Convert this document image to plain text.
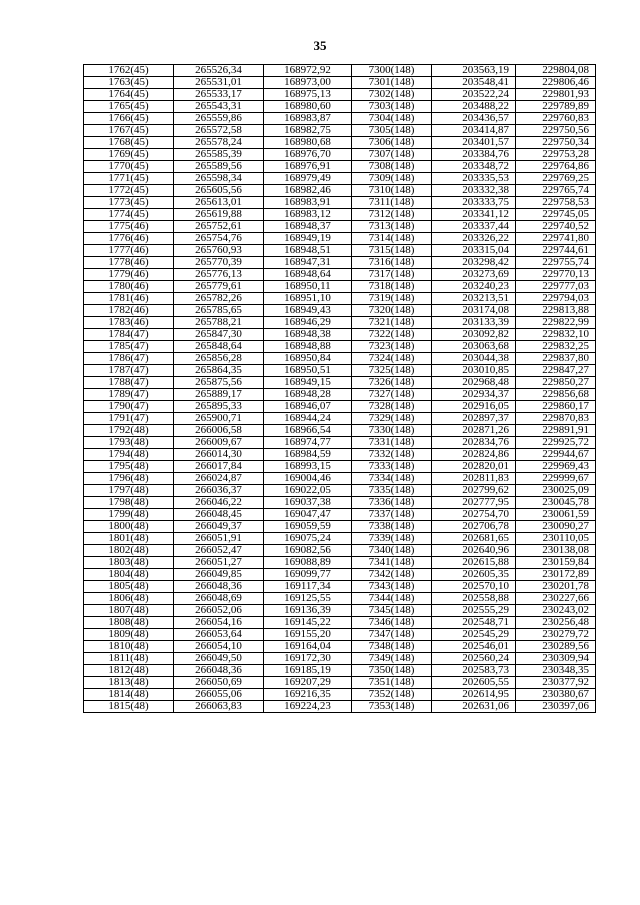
35
1762(45)	265526,34	168972,92	7300(148)	203563,19	229804,08
1763(45)	265531,01	168973,00	7301(148)	203548,41	229806,46
1764(45)	265533,17	168975,13	7302(148)	203522,24	229801,93
1765(45)	265543,31	168980,60	7303(148)	203488,22	229789,89
1766(45)	265559,86	168983,87	7304(148)	203436,57	229760,83
1767(45)	265572,58	168982,75	7305(148)	203414,87	229750,56
1768(45)	265578,24	168980,68	7306(148)	203401,57	229750,34
1769(45)	265585,39	168976,70	7307(148)	203384,76	229753,28
1770(45)	265589,56	168976,91	7308(148)	203348,72	229764,86
1771(45)	265598,34	168979,49	7309(148)	203335,53	229769,25
1772(45)	265605,56	168982,46	7310(148)	203332,38	229765,74
1773(45)	265613,01	168983,91	7311(148)	203333,75	229758,53
1774(45)	265619,88	168983,12	7312(148)	203341,12	229745,05
1775(46)	265752,61	168948,37	7313(148)	203337,44	229740,52
1776(46)	265754,76	168949,19	7314(148)	203326,22	229741,80
1777(46)	265760,93	168948,51	7315(148)	203315,04	229744,61
1778(46)	265770,39	168947,31	7316(148)	203298,42	229755,74
1779(46)	265776,13	168948,64	7317(148)	203273,69	229770,13
1780(46)	265779,61	168950,11	7318(148)	203240,23	229777,03
1781(46)	265782,26	168951,10	7319(148)	203213,51	229794,03
1782(46)	265785,65	168949,43	7320(148)	203174,08	229813,88
1783(46)	265788,21	168946,29	7321(148)	203133,39	229822,99
1784(47)	265847,30	168948,38	7322(148)	203092,82	229832,10
1785(47)	265848,64	168948,88	7323(148)	203063,68	229832,25
1786(47)	265856,28	168950,84	7324(148)	203044,38	229837,80
1787(47)	265864,35	168950,51	7325(148)	203010,85	229847,27
1788(47)	265875,56	168949,15	7326(148)	202968,48	229850,27
1789(47)	265889,17	168948,28	7327(148)	202934,37	229856,68
1790(47)	265895,33	168946,07	7328(148)	202916,05	229860,17
1791(47)	265900,71	168944,24	7329(148)	202897,37	229870,83
1792(48)	266006,58	168966,54	7330(148)	202871,26	229891,91
1793(48)	266009,67	168974,77	7331(148)	202834,76	229925,72
1794(48)	266014,30	168984,59	7332(148)	202824,86	229944,67
1795(48)	266017,84	168993,15	7333(148)	202820,01	229969,43
1796(48)	266024,87	169004,46	7334(148)	202811,83	229999,67
1797(48)	266036,37	169022,05	7335(148)	202799,62	230025,09
1798(48)	266046,22	169037,38	7336(148)	202777,95	230045,78
1799(48)	266048,45	169047,47	7337(148)	202754,70	230061,59
1800(48)	266049,37	169059,59	7338(148)	202706,78	230090,27
1801(48)	266051,91	169075,24	7339(148)	202681,65	230110,05
1802(48)	266052,47	169082,56	7340(148)	202640,96	230138,08
1803(48)	266051,27	169088,89	7341(148)	202615,88	230159,84
1804(48)	266049,85	169099,77	7342(148)	202605,35	230172,89
1805(48)	266048,36	169117,34	7343(148)	202570,10	230201,78
1806(48)	266048,69	169125,55	7344(148)	202558,88	230227,66
1807(48)	266052,06	169136,39	7345(148)	202555,29	230243,02
1808(48)	266054,16	169145,22	7346(148)	202548,71	230256,48
1809(48)	266053,64	169155,20	7347(148)	202545,29	230279,72
1810(48)	266054,10	169164,04	7348(148)	202546,01	230289,56
1811(48)	266049,50	169172,30	7349(148)	202560,24	230309,94
1812(48)	266048,36	169185,19	7350(148)	202583,73	230348,35
1813(48)	266050,69	169207,29	7351(148)	202605,55	230377,92
1814(48)	266055,06	169216,35	7352(148)	202614,95	230380,67
1815(48)	266063,83	169224,23	7353(148)	202631,06	230397,06
